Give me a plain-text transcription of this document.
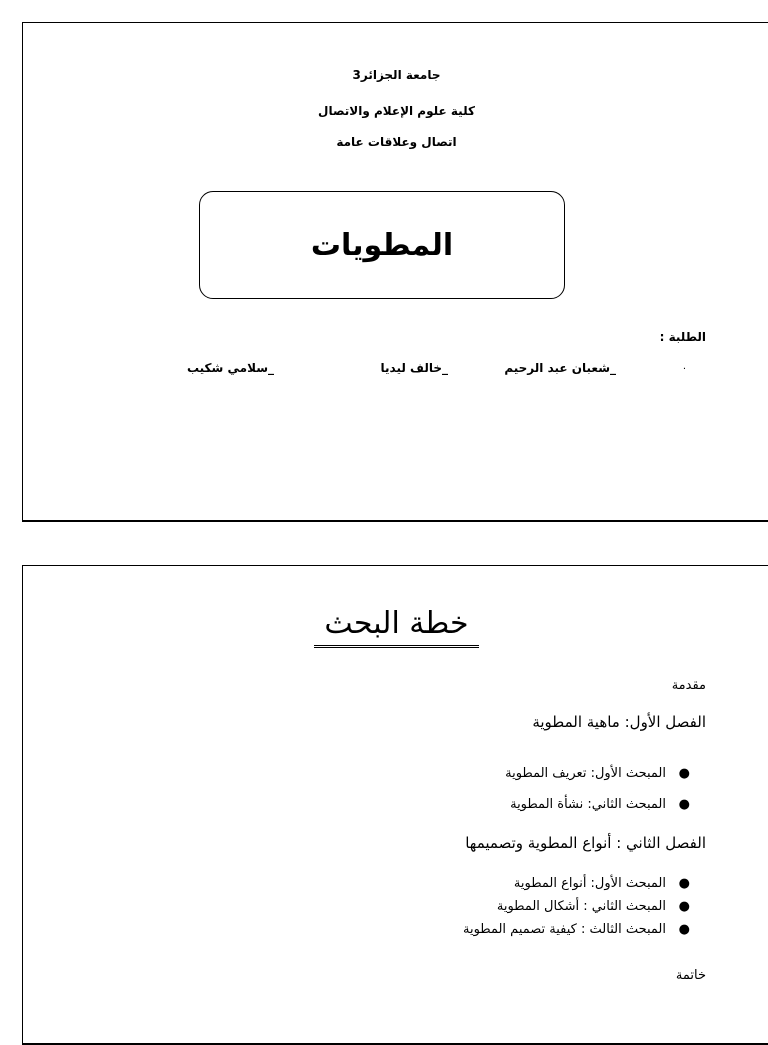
جامعة الجزائر3
كلية علوم الإعلام والاتصال
اتصال وعلاقات عامة
المطويات
الطلبة :
.
_شعبان عبد الرحيم
_خالف ليديا
_سلامي شكيب
خطة البحث
مقدمة
الفصل الأول: ماهية المطوية
●
المبحث الأول: تعريف المطوية
●
المبحث الثاني: نشأة المطوية
الفصل الثاني : أنواع المطوية وتصميمها
●
المبحث الأول: أنواع المطوية
●
المبحث الثاني : أشكال المطوية
●
المبحث الثالث : كيفية تصميم المطوية
خاتمة
